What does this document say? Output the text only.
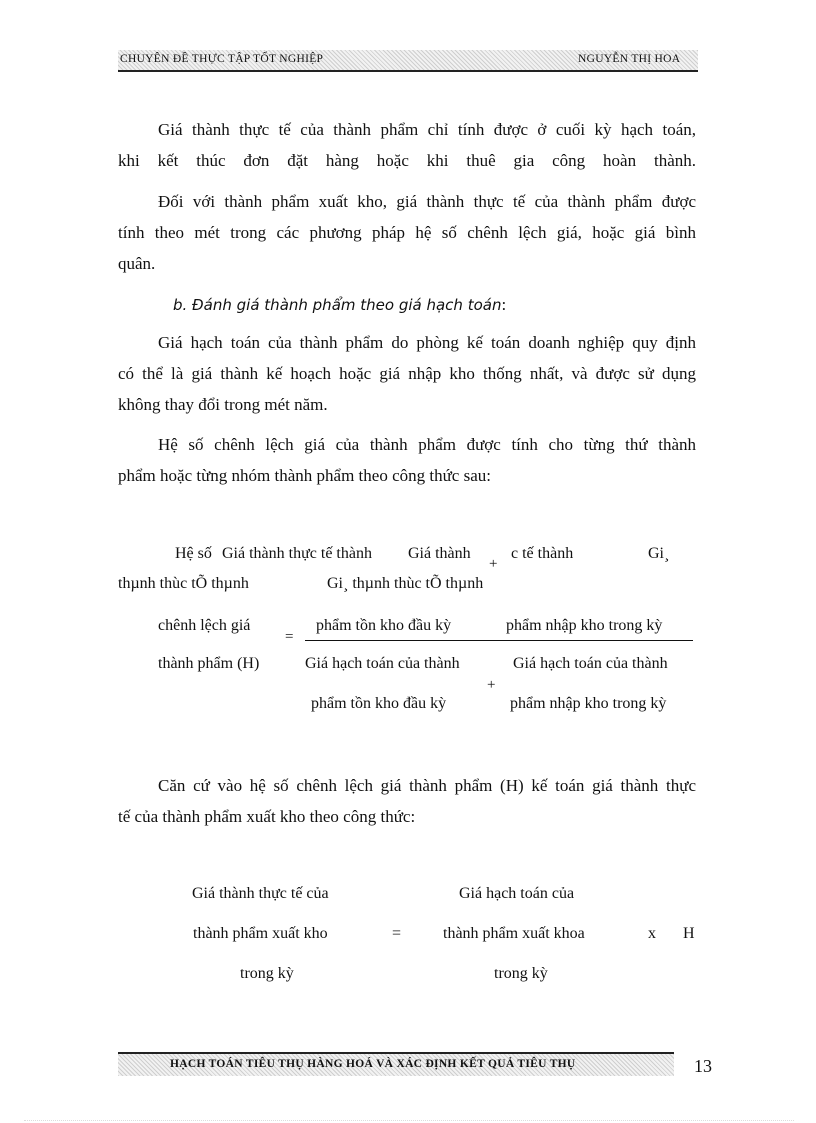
CHUYÊN ĐỀ THỰC TẬP TỐT NGHIỆP	NGUYỄN THỊ HOA
Giá thành thực tế của thành phẩm chỉ tính được ở cuối kỳ hạch toán,
khi kết thúc đơn đặt hàng hoặc khi thuê gia công hoàn thành.
Đối với thành phẩm xuất kho, giá thành thực tế của thành phẩm được
tính theo mét trong các phương pháp hệ số chênh lệch giá, hoặc giá bình
quân.
b. Đánh giá thành phẩm theo giá hạch toán:
Giá hạch toán của thành phẩm do phòng kế toán doanh nghiệp quy định
có thể là giá thành kế hoạch hoặc giá nhập kho thống nhất, và được sử dụng
không thay đổi trong mét năm.
Hệ số chênh lệch giá của thành phẩm được tính cho từng thứ thành
phẩm hoặc từng nhóm thành phẩm theo công thức sau:
Hệ số Giá thành thực tế thành Giá thành
+
c tế thành	Gi¸
thµnh thùc tÕ thµnh	Gi¸ thµnh thùc tÕ thµnh
chênh lệch giá
=
phẩm tồn kho đầu kỳ	phẩm nhập kho trong kỳ
thành phẩm (H)	Giá hạch toán của thành	Giá hạch toán của thành
+
phẩm tồn kho đầu kỳ	phẩm nhập kho trong kỳ
Căn cứ vào hệ số chênh lệch giá thành phẩm (H) kế toán giá thành thực
tế của thành phẩm xuất kho theo công thức:
Giá thành thực tế của	Giá hạch toán của
thành phẩm xuất kho	=	thành phẩm xuất khoa	x H
trong kỳ	trong kỳ
HẠCH TOÁN TIÊU THỤ HÀNG HOÁ VÀ XÁC ĐỊNH KẾT QUẢ TIÊU THỤ	13
